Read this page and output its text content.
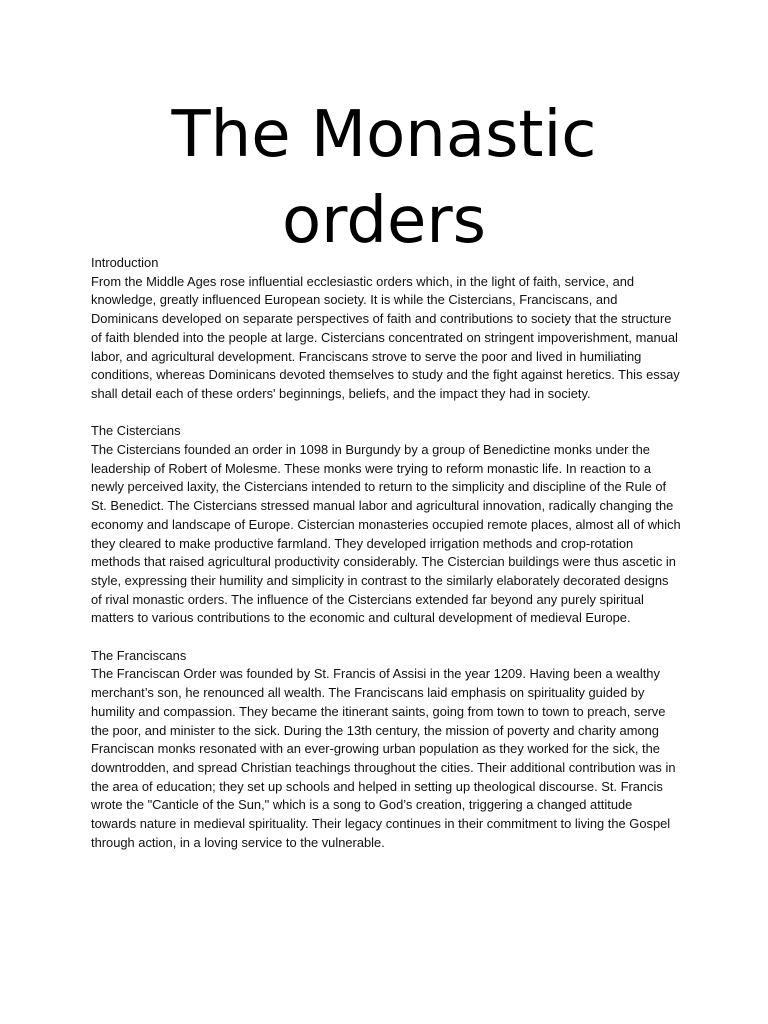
The Monastic orders
Introduction

From the Middle Ages rose influential ecclesiastic orders which, in the light of faith, service, and knowledge, greatly influenced European society. It is while the Cistercians, Franciscans, and Dominicans developed on separate perspectives of faith and contributions to society that the structure of faith blended into the people at large. Cistercians concentrated on stringent impoverishment, manual labor, and agricultural development. Franciscans strove to serve the poor and lived in humiliating conditions, whereas Dominicans devoted themselves to study and the fight against heretics. This essay shall detail each of these orders' beginnings, beliefs, and the impact they had in society.

The Cistercians

The Cistercians founded an order in 1098 in Burgundy by a group of Benedictine monks under the leadership of Robert of Molesme. These monks were trying to reform monastic life. In reaction to a newly perceived laxity, the Cistercians intended to return to the simplicity and discipline of the Rule of St. Benedict. The Cistercians stressed manual labor and agricultural innovation, radically changing the economy and landscape of Europe. Cistercian monasteries occupied remote places, almost all of which they cleared to make productive farmland. They developed irrigation methods and crop-rotation methods that raised agricultural productivity considerably. The Cistercian buildings were thus ascetic in style, expressing their humility and simplicity in contrast to the similarly elaborately decorated designs of rival monastic orders. The influence of the Cistercians extended far beyond any purely spiritual matters to various contributions to the economic and cultural development of medieval Europe.

The Franciscans

The Franciscan Order was founded by St. Francis of Assisi in the year 1209. Having been a wealthy merchant’s son, he renounced all wealth. The Franciscans laid emphasis on spirituality guided by humility and compassion. They became the itinerant saints, going from town to town to preach, serve the poor, and minister to the sick. During the 13th century, the mission of poverty and charity among Franciscan monks resonated with an ever-growing urban population as they worked for the sick, the downtrodden, and spread Christian teachings throughout the cities. Their additional contribution was in the area of education; they set up schools and helped in setting up theological discourse. St. Francis wrote the "Canticle of the Sun," which is a song to God’s creation, triggering a changed attitude towards nature in medieval spirituality. Their legacy continues in their commitment to living the Gospel through action, in a loving service to the vulnerable.
